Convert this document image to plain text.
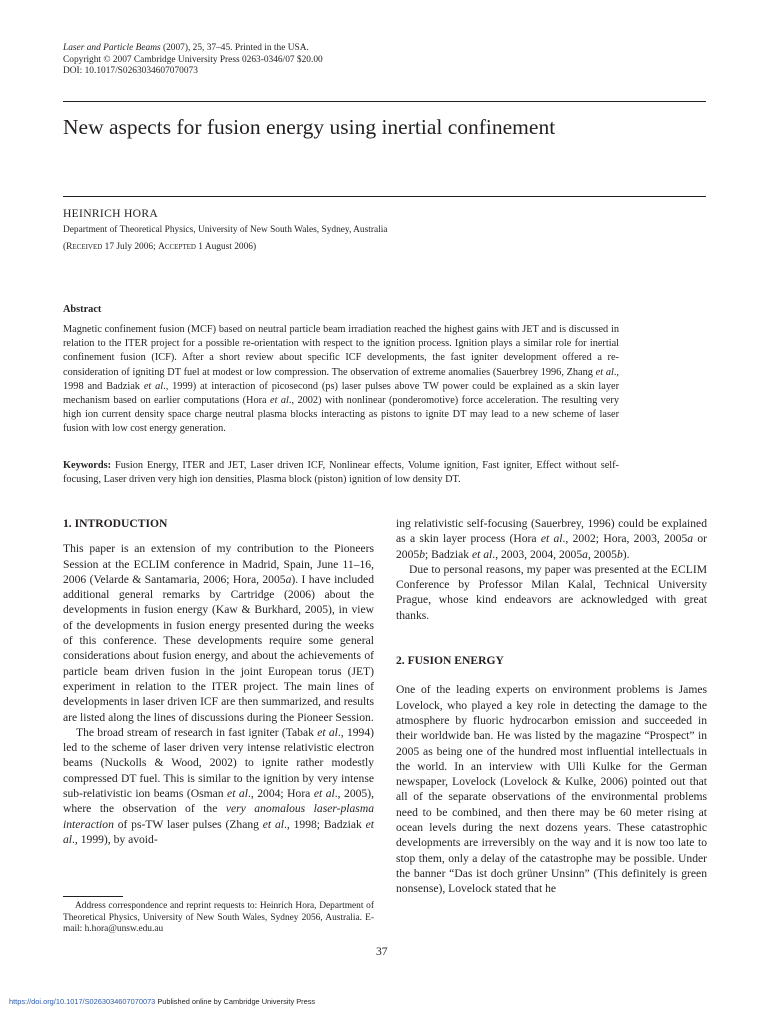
Laser and Particle Beams (2007), 25, 37–45. Printed in the USA.
Copyright © 2007 Cambridge University Press 0263-0346/07 $20.00
DOI: 10.1017/S0263034607070073
New aspects for fusion energy using inertial confinement
HEINRICH HORA
Department of Theoretical Physics, University of New South Wales, Sydney, Australia
(Received 17 July 2006; Accepted 1 August 2006)
Abstract
Magnetic confinement fusion (MCF) based on neutral particle beam irradiation reached the highest gains with JET and is discussed in relation to the ITER project for a possible re-orientation with respect to the ignition process. Ignition plays a similar role for inertial confinement fusion (ICF). After a short review about specific ICF developments, the fast igniter development offered a re-consideration of igniting DT fuel at modest or low compression. The observation of extreme anomalies (Sauerbrey 1996, Zhang et al., 1998 and Badziak et al., 1999) at interaction of picosecond (ps) laser pulses above TW power could be explained as a skin layer mechanism based on earlier computations (Hora et al., 2002) with nonlinear (ponderomotive) force acceleration. The resulting very high ion current density space charge neutral plasma blocks interacting as pistons to ignite DT may lead to a new scheme of laser fusion with low cost energy generation.
Keywords: Fusion Energy, ITER and JET, Laser driven ICF, Nonlinear effects, Volume ignition, Fast igniter, Effect without self-focusing, Laser driven very high ion densities, Plasma block (piston) ignition of low density DT.
1. INTRODUCTION

This paper is an extension of my contribution to the Pioneers Session at the ECLIM conference in Madrid, Spain, June 11–16, 2006 (Velarde & Santamaria, 2006; Hora, 2005a). I have included additional general remarks by Cartridge (2006) about the developments in fusion energy (Kaw & Burkhard, 2005), in view of the developments in fusion energy presented during the weeks of this conference. These developments require some general considerations about fusion energy, and about the achievements of particle beam driven fusion in the joint European torus (JET) experiment in relation to the ITER project. The main lines of developments in laser driven ICF are then summarized, and results are listed along the lines of discussions during the Pioneer Session.

The broad stream of research in fast igniter (Tabak et al., 1994) led to the scheme of laser driven very intense relativistic electron beams (Nuckolls & Wood, 2002) to ignite rather modestly compressed DT fuel. This is similar to the ignition by very intense sub-relativistic ion beams (Osman et al., 2004; Hora et al., 2005), where the observation of the very anomalous laser-plasma interaction of ps-TW laser pulses (Zhang et al., 1998; Badziak et al., 1999), by avoid-

Address correspondence and reprint requests to: Heinrich Hora, Department of Theoretical Physics, University of New South Wales, Sydney 2056, Australia. E-mail: h.hora@unsw.edu.au

ing relativistic self-focusing (Sauerbrey, 1996) could be explained as a skin layer process (Hora et al., 2002; Hora, 2003, 2005a or 2005b; Badziak et al., 2003, 2004, 2005a, 2005b).

Due to personal reasons, my paper was presented at the ECLIM Conference by Professor Milan Kalal, Technical University Prague, whose kind endeavors are acknowledged with great thanks.

2. FUSION ENERGY

One of the leading experts on environment problems is James Lovelock, who played a key role in detecting the damage to the atmosphere by fluoric hydrocarbon emission and succeeded in their worldwide ban. He was listed by the magazine “Prospect” in 2005 as being one of the hundred most influential intellectuals in the world. In an interview with Ulli Kulke for the German newspaper, Lovelock (Lovelock & Kulke, 2006) pointed out that all of the separate observations of the environmental problems need to be combined, and then there may be 60 meter rising at ocean levels during the next dozens years. These catastrophic developments are irreversibly on the way and it is now too late to stop them, only a delay of the catastrophe may be possible. Under the banner “Das ist doch grüner Unsinn” (This definitely is green nonsense), Lovelock stated that he

37
https://doi.org/10.1017/S0263034607070073 Published online by Cambridge University Press
